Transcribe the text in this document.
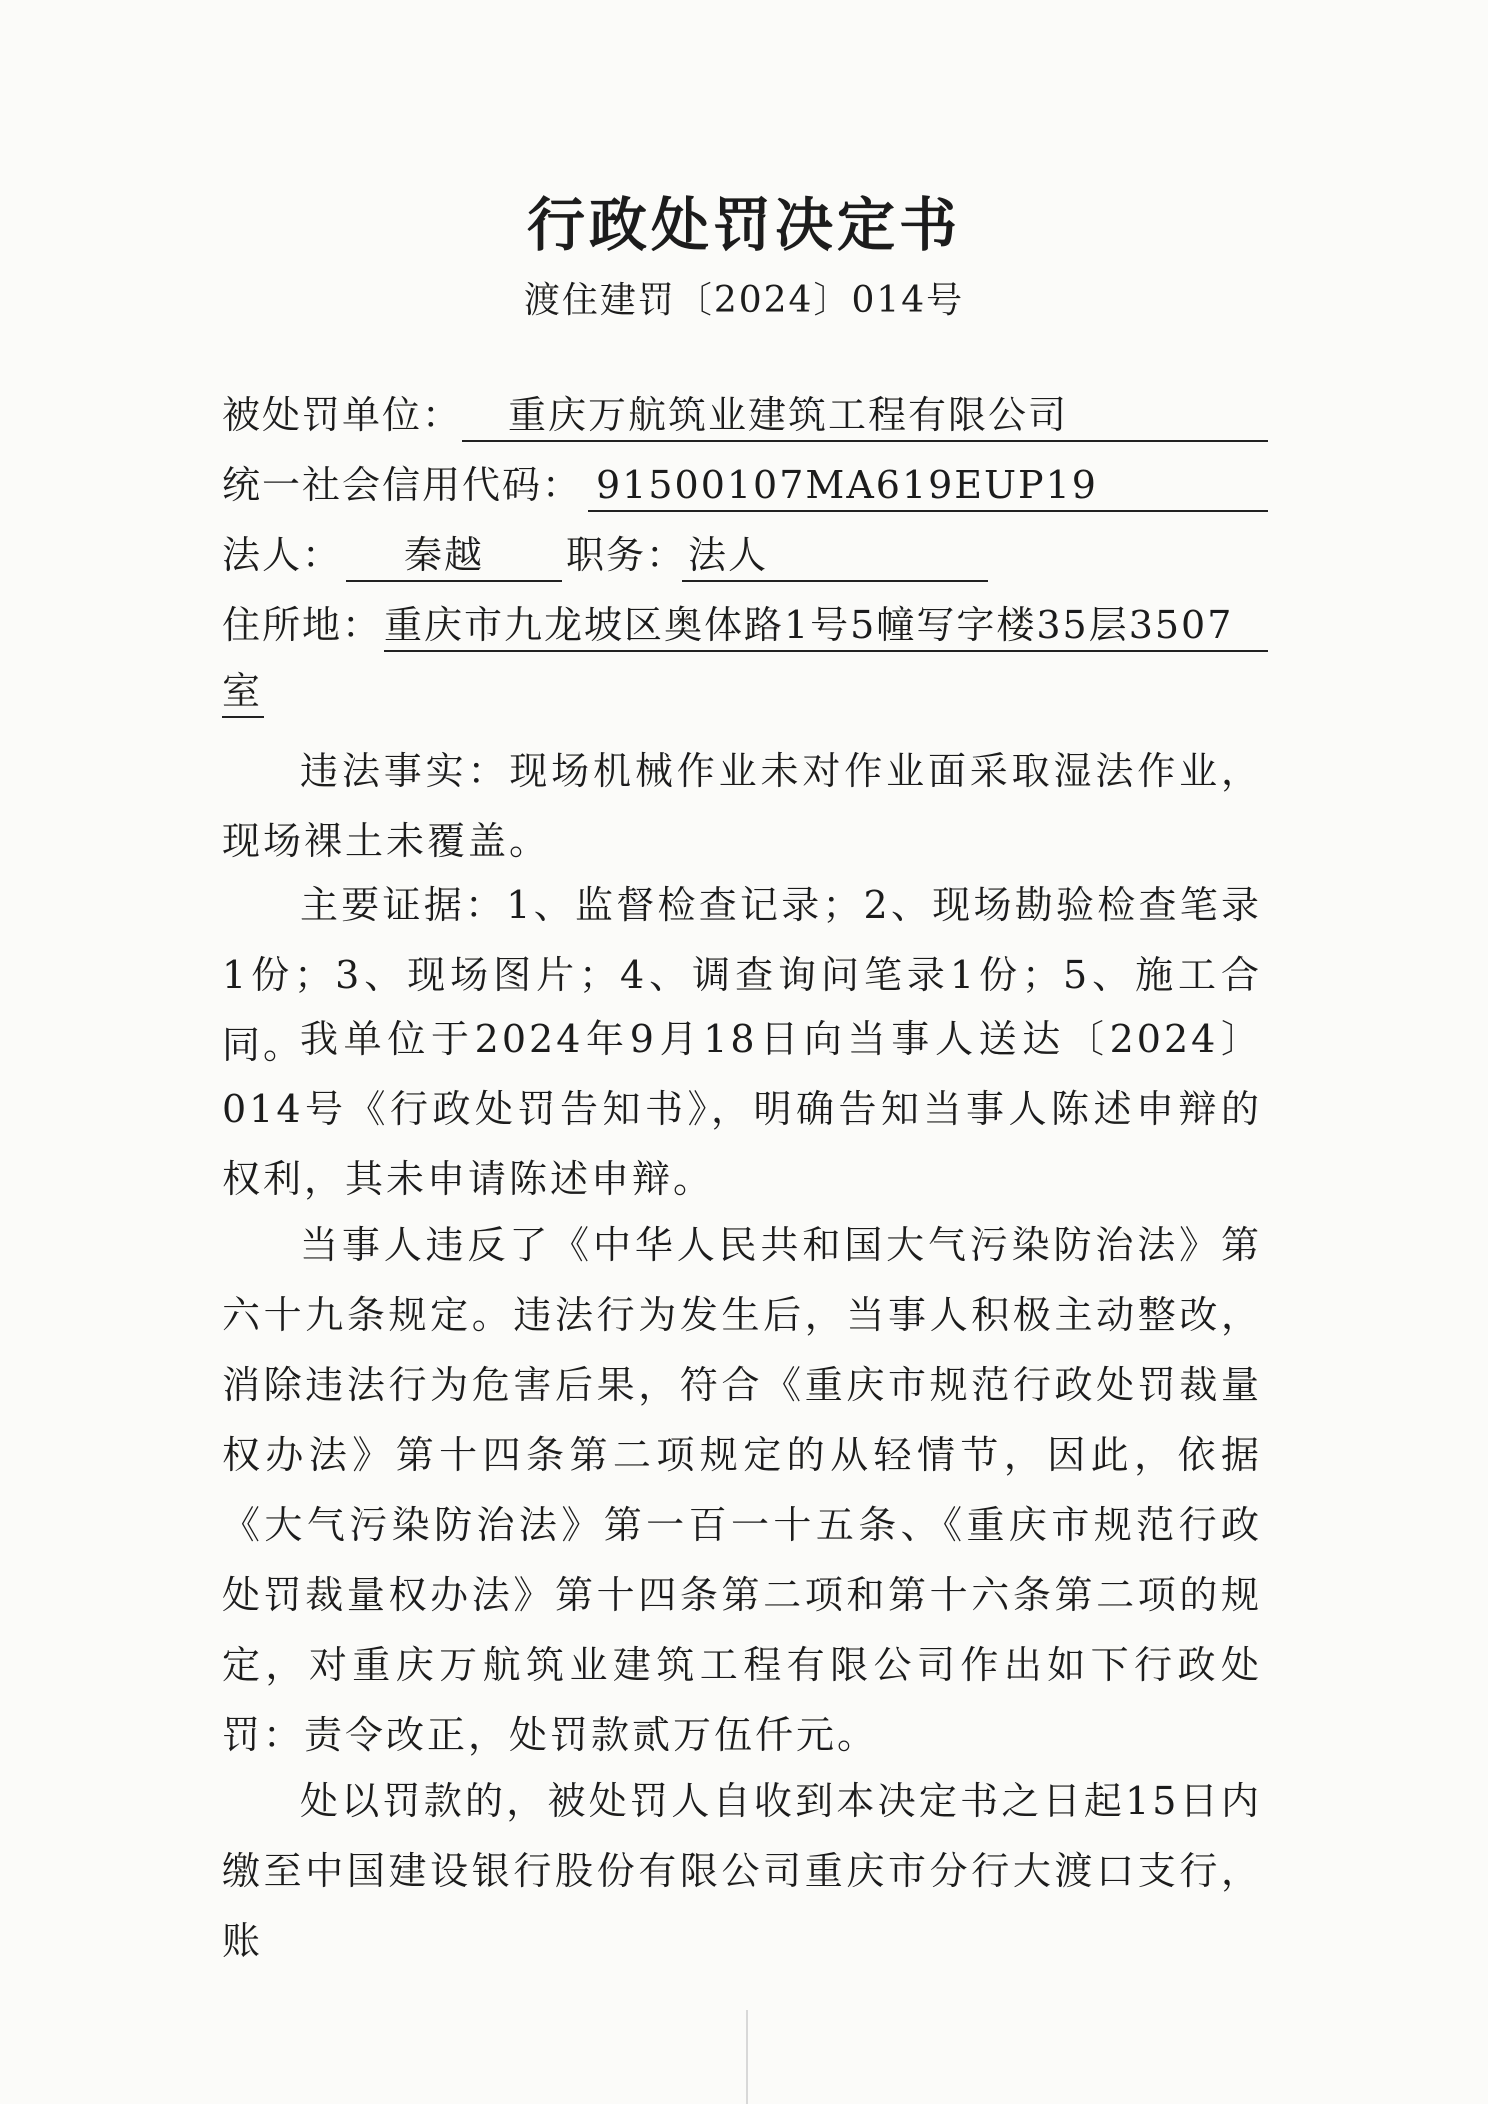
行政处罚决定书
渡住建罚〔2024〕014号
被处罚单位：	重庆万航筑业建筑工程有限公司
统一社会信用代码： 91500107MA619EUP19
法人：	秦越	职务： 法人
住所地： 重庆市九龙坡区奥体路1号5幢写字楼35层3507
室

违法事实：现场机械作业未对作业面采取湿法作业，现场裸土未覆盖。

主要证据：1、监督检查记录；2、现场勘验检查笔录1份；3、现场图片；4、调查询问笔录1份；5、施工合同。

我单位于2024年9月18日向当事人送达〔2024〕014号《行政处罚告知书》，明确告知当事人陈述申辩的权利，其未申请陈述申辩。

当事人违反了《中华人民共和国大气污染防治法》第六十九条规定。违法行为发生后，当事人积极主动整改，消除违法行为危害后果，符合《重庆市规范行政处罚裁量权办法》第十四条第二项规定的从轻情节，因此，依据《大气污染防治法》第一百一十五条、《重庆市规范行政处罚裁量权办法》第十四条第二项和第十六条第二项的规定，对重庆万航筑业建筑工程有限公司作出如下行政处罚：责令改正，处罚款贰万伍仟元。

处以罚款的，被处罚人自收到本决定书之日起15日内缴至中国建设银行股份有限公司重庆市分行大渡口支行，账
